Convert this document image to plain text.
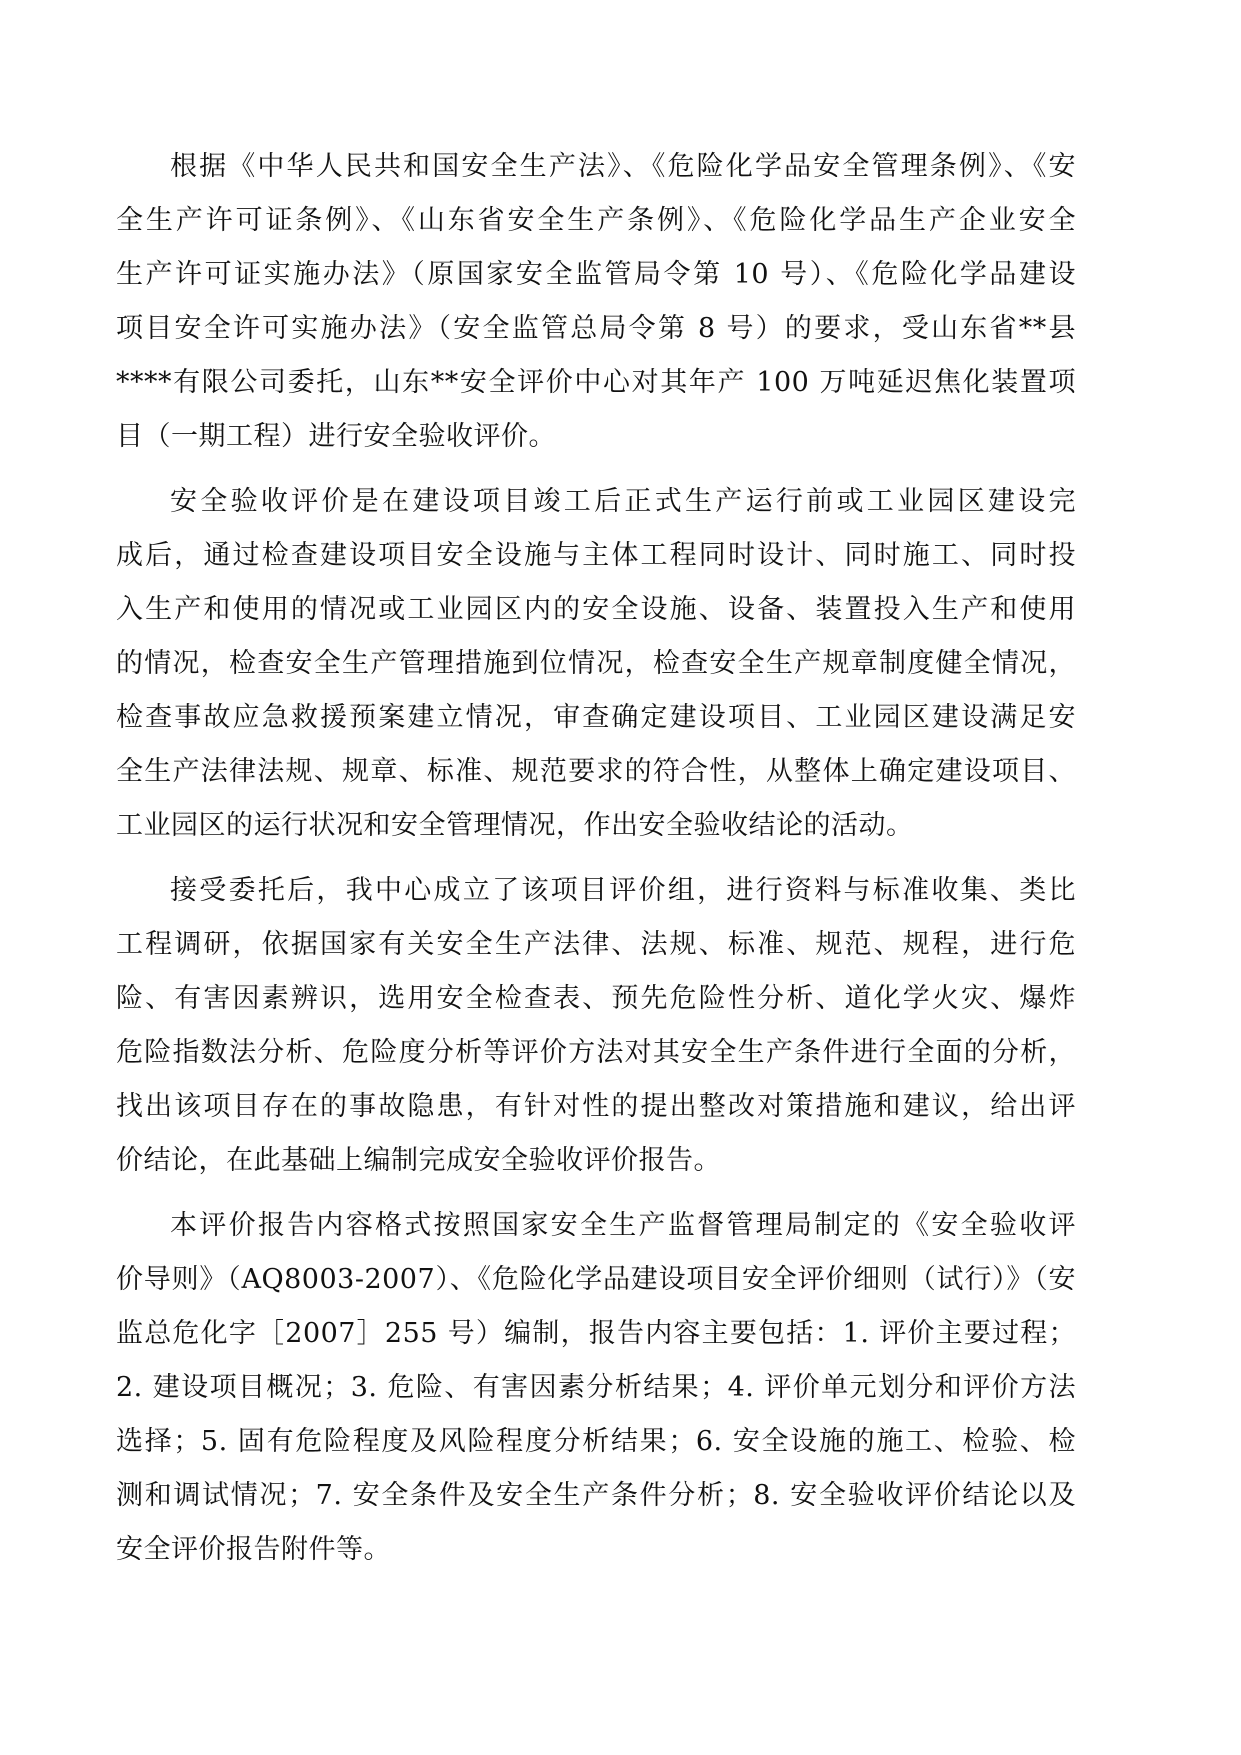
根据《中华人民共和国安全生产法》、《危险化学品安全管理条例》、《安
全生产许可证条例》、《山东省安全生产条例》、《危险化学品生产企业安全
生产许可证实施办法》（原国家安全监管局令第 10 号）、《危险化学品建设
项目安全许可实施办法》（安全监管总局令第 8 号）的要求，受山东省**县
****有限公司委托，山东**安全评价中心对其年产 100 万吨延迟焦化装置项
目（一期工程）进行安全验收评价。
安全验收评价是在建设项目竣工后正式生产运行前或工业园区建设完
成后，通过检查建设项目安全设施与主体工程同时设计、同时施工、同时投
入生产和使用的情况或工业园区内的安全设施、设备、装置投入生产和使用
的情况，检查安全生产管理措施到位情况，检查安全生产规章制度健全情况，
检查事故应急救援预案建立情况，审查确定建设项目、工业园区建设满足安
全生产法律法规、规章、标准、规范要求的符合性，从整体上确定建设项目、
工业园区的运行状况和安全管理情况，作出安全验收结论的活动。
接受委托后，我中心成立了该项目评价组，进行资料与标准收集、类比
工程调研，依据国家有关安全生产法律、法规、标准、规范、规程，进行危
险、有害因素辨识，选用安全检查表、预先危险性分析、道化学火灾、爆炸
危险指数法分析、危险度分析等评价方法对其安全生产条件进行全面的分析，
找出该项目存在的事故隐患，有针对性的提出整改对策措施和建议，给出评
价结论，在此基础上编制完成安全验收评价报告。
本评价报告内容格式按照国家安全生产监督管理局制定的《安全验收评
价导则》（AQ8003-2007）、《危险化学品建设项目安全评价细则（试行）》（安
监总危化字［2007］255 号）编制，报告内容主要包括：1. 评价主要过程；
2. 建设项目概况；3. 危险、有害因素分析结果；4. 评价单元划分和评价方法
选择；5. 固有危险程度及风险程度分析结果；6. 安全设施的施工、检验、检
测和调试情况；7. 安全条件及安全生产条件分析；8. 安全验收评价结论以及
安全评价报告附件等。
